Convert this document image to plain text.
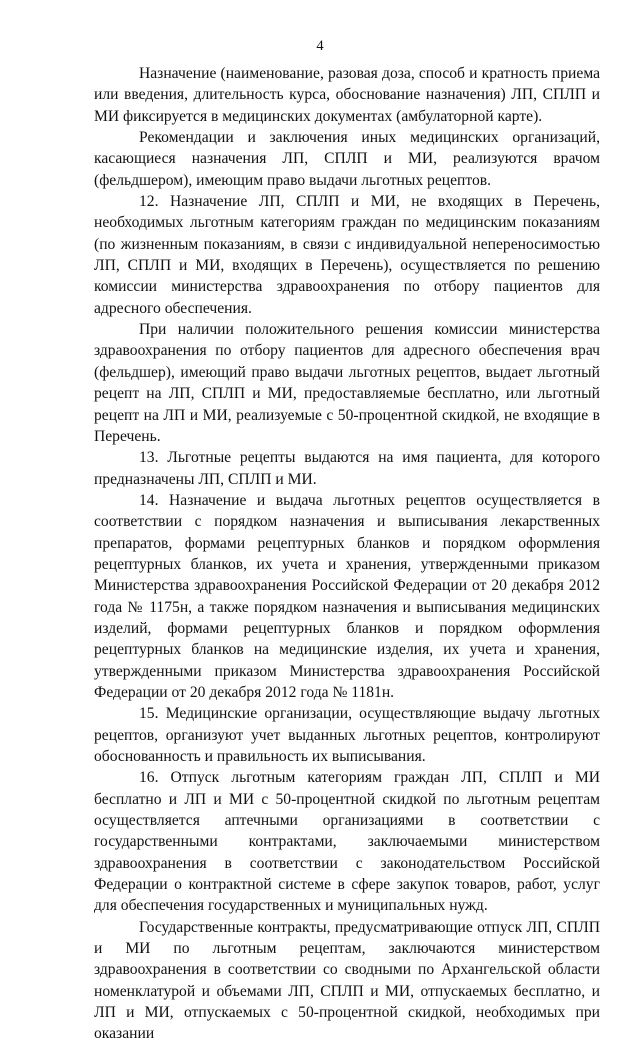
4

Назначение (наименование, разовая доза, способ и кратность приема или введения, длительность курса, обоснование назначения) ЛП, СПЛП и МИ фиксируется в медицинских документах (амбулаторной карте).

Рекомендации и заключения иных медицинских организаций, касающиеся назначения ЛП, СПЛП и МИ, реализуются врачом (фельдшером), имеющим право выдачи льготных рецептов.

12. Назначение ЛП, СПЛП и МИ, не входящих в Перечень, необходимых льготным категориям граждан по медицинским показаниям (по жизненным показаниям, в связи с индивидуальной непереносимостью ЛП, СПЛП и МИ, входящих в Перечень), осуществляется по решению комиссии министерства здравоохранения по отбору пациентов для адресного обеспечения.

При наличии положительного решения комиссии министерства здравоохранения по отбору пациентов для адресного обеспечения врач (фельдшер), имеющий право выдачи льготных рецептов, выдает льготный рецепт на ЛП, СПЛП и МИ, предоставляемые бесплатно, или льготный рецепт на ЛП и МИ, реализуемые с 50-процентной скидкой, не входящие в Перечень.

13. Льготные рецепты выдаются на имя пациента, для которого предназначены ЛП, СПЛП и МИ.

14. Назначение и выдача льготных рецептов осуществляется в соответствии с порядком назначения и выписывания лекарственных препаратов, формами рецептурных бланков и порядком оформления рецептурных бланков, их учета и хранения, утвержденными приказом Министерства здравоохранения Российской Федерации от 20 декабря 2012 года № 1175н, а также порядком назначения и выписывания медицинских изделий, формами рецептурных бланков и порядком оформления рецептурных бланков на медицинские изделия, их учета и хранения, утвержденными приказом Министерства здравоохранения Российской Федерации от 20 декабря 2012 года № 1181н.

15. Медицинские организации, осуществляющие выдачу льготных рецептов, организуют учет выданных льготных рецептов, контролируют обоснованность и правильность их выписывания.

16. Отпуск льготным категориям граждан ЛП, СПЛП и МИ бесплатно и ЛП и МИ с 50-процентной скидкой по льготным рецептам осуществляется аптечными организациями в соответствии с государственными контрактами, заключаемыми министерством здравоохранения в соответствии с законодательством Российской Федерации о контрактной системе в сфере закупок товаров, работ, услуг для обеспечения государственных и муниципальных нужд.

Государственные контракты, предусматривающие отпуск ЛП, СПЛП и МИ по льготным рецептам, заключаются министерством здравоохранения в соответствии со сводными по Архангельской области номенклатурой и объемами ЛП, СПЛП и МИ, отпускаемых бесплатно, и ЛП и МИ, отпускаемых с 50-процентной скидкой, необходимых при оказании
